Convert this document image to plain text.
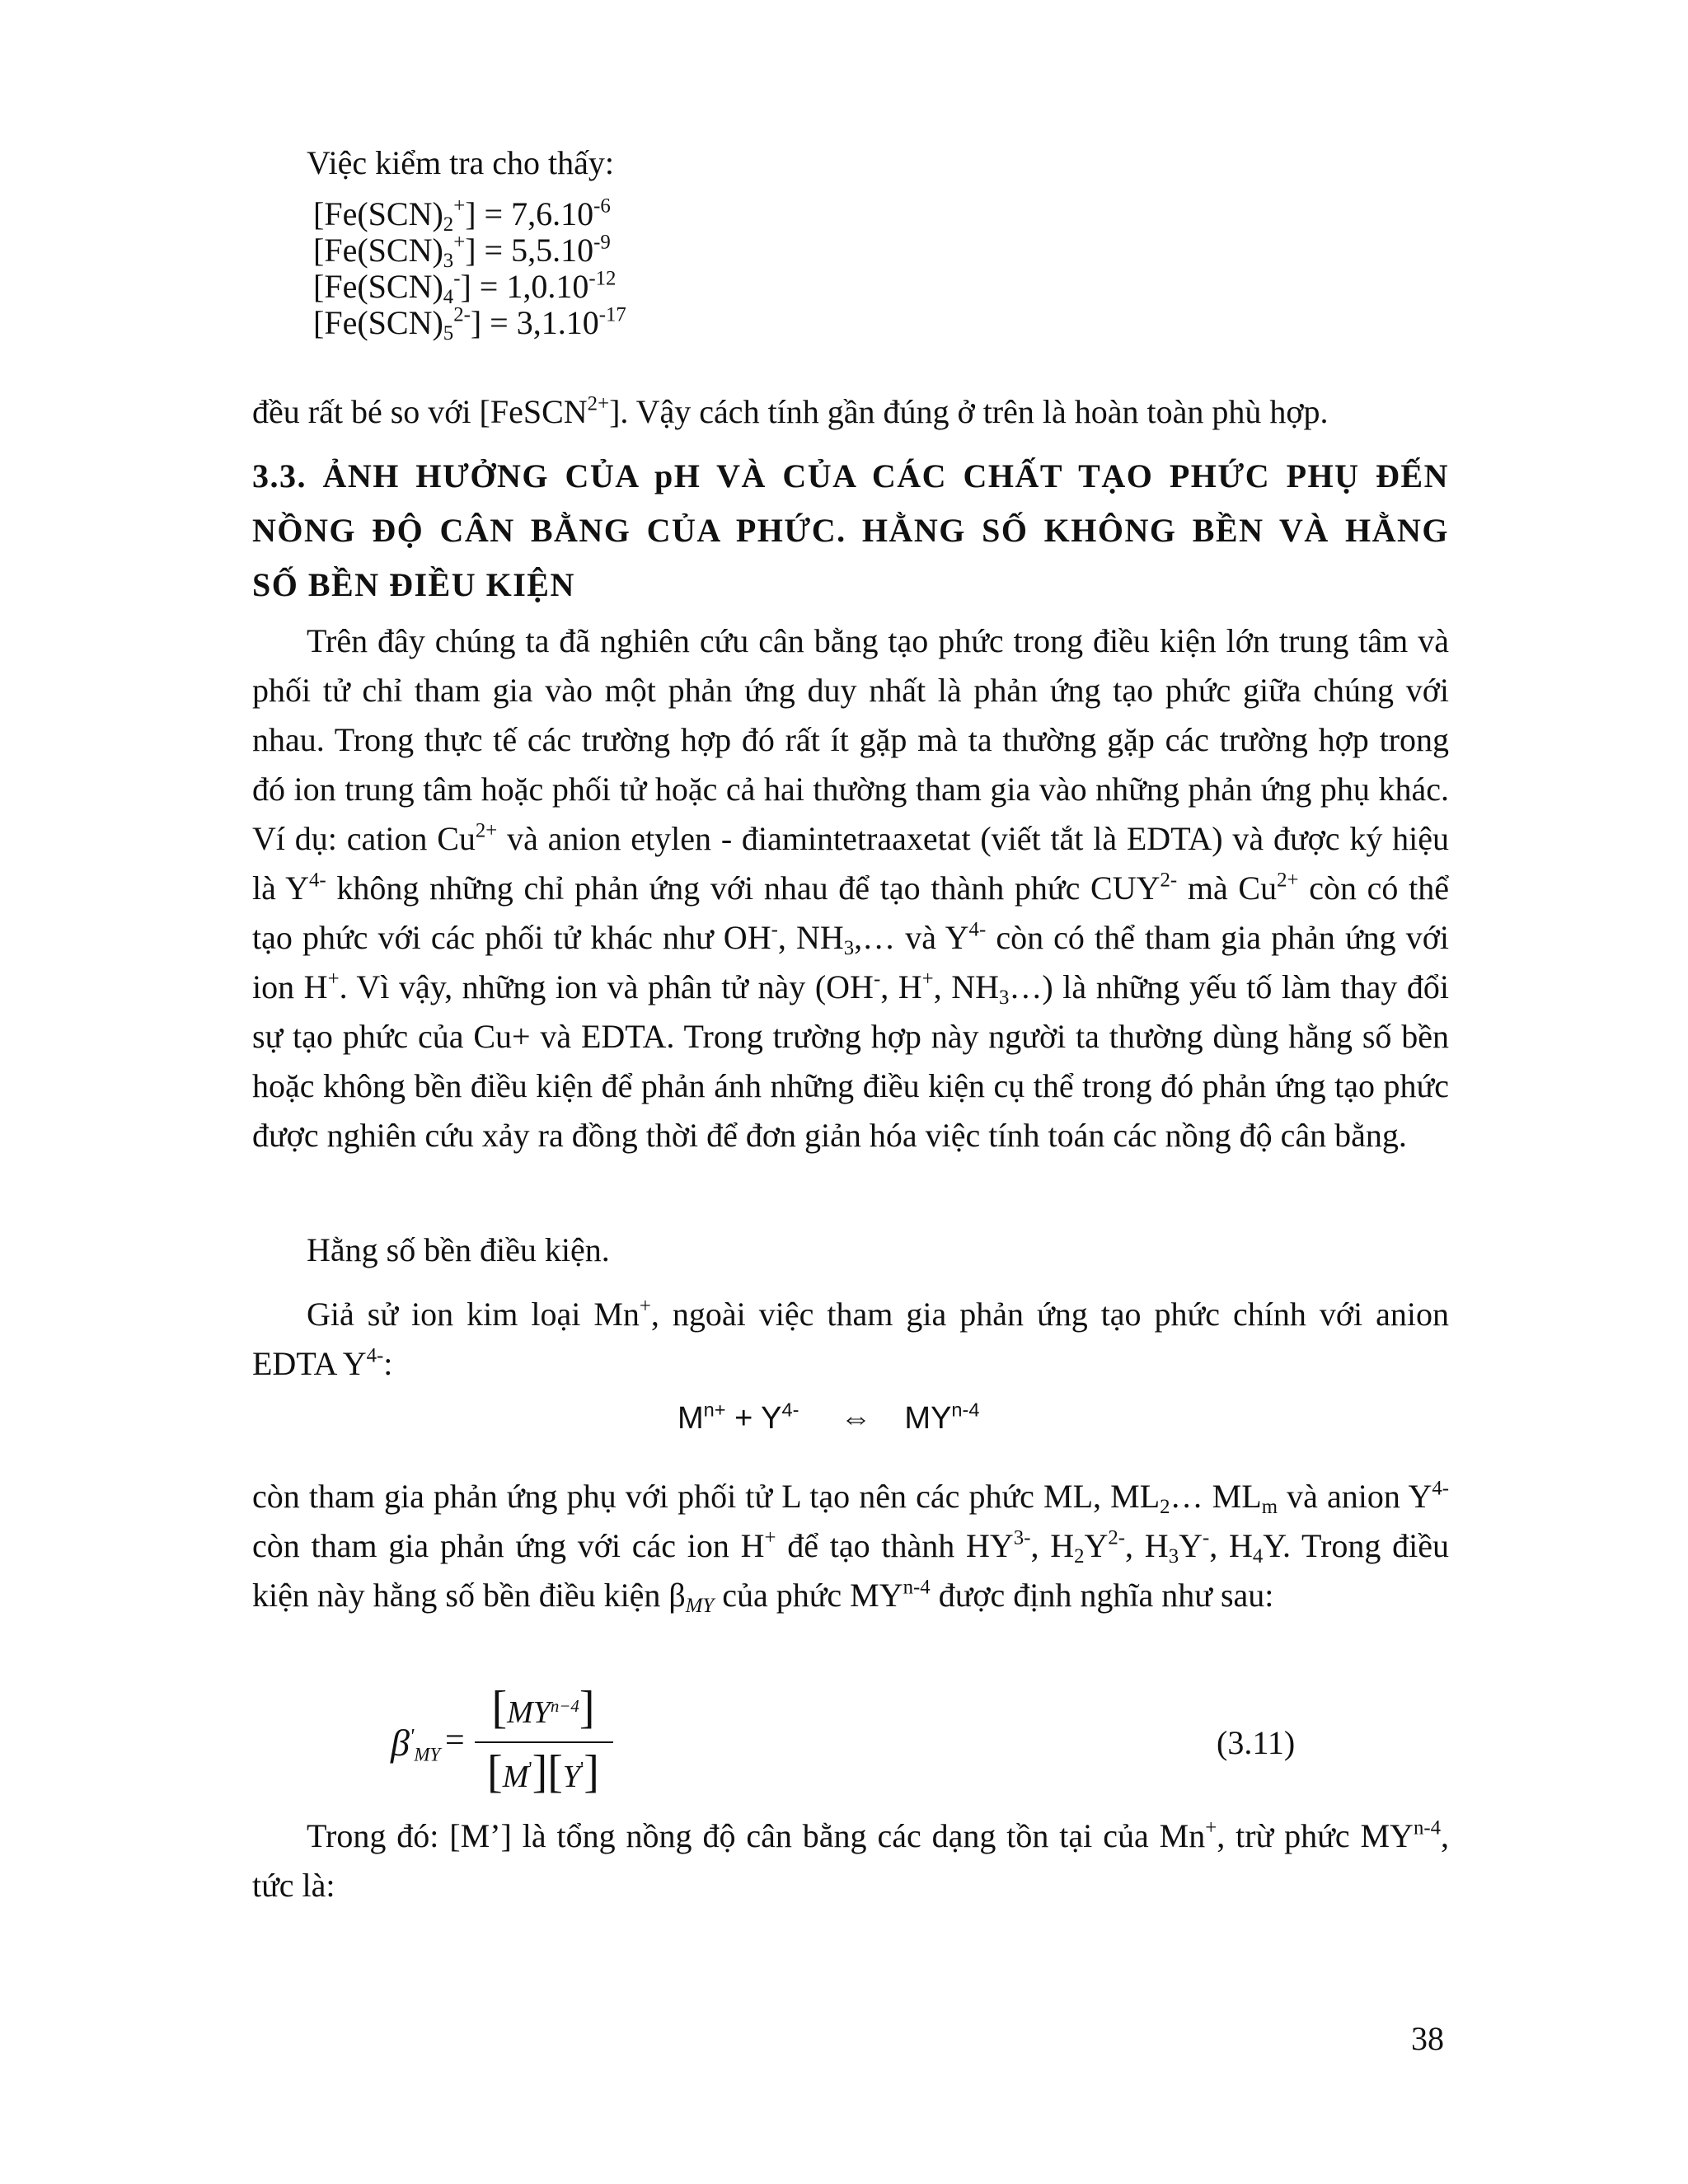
Việc kiểm tra cho thấy:
$[Fe(SCN)_2^+] = 7,6.10^{-6}$
$[Fe(SCN)_3^+] = 5,5.10^{-9}$
$[Fe(SCN)_4^-] = 1,0.10^{-12}$
$[Fe(SCN)_5^{2-}] = 3,1.10^{-17}$
đều rất bé so với [FeSCN$^{2+}$]. Vậy cách tính gần đúng ở trên là hoàn toàn phù hợp.
3.3. ẢNH HƯỞNG CỦA pH VÀ CỦA CÁC CHẤT TẠO PHỨC PHỤ ĐẾN
NỒNG ĐỘ CÂN BẰNG CỦA PHỨC. HẰNG SỐ KHÔNG BỀN VÀ HẰNG
SỐ BỀN ĐIỀU KIỆN
Trên đây chúng ta đã nghiên cứu cân bằng tạo phức trong điều kiện lớn trung tâm và phối tử chỉ tham gia vào một phản ứng duy nhất là phản ứng tạo phức giữa chúng với nhau. Trong thực tế các trường hợp đó rất ít gặp mà ta thường gặp các trường hợp trong đó ion trung tâm hoặc phối tử hoặc cả hai thường tham gia vào những phản ứng phụ khác. Ví dụ: cation $Cu^{2+}$ và anion etylen - điamintetraaxetat (viết tắt là EDTA) và được ký hiệu là $Y^{4-}$ không những chỉ phản ứng với nhau để tạo thành phức $CUY^{2-}$ mà $Cu^{2+}$ còn có thể tạo phức với các phối tử khác như OH-, $NH_3,\dots$ và $Y^{4-}$ còn có thể tham gia phản ứng với ion H+. Vì vậy, những ion và phân tử này (OH-, H+, $NH_3\dots$) là những yếu tố làm thay đổi sự tạo phức của Cu+ và EDTA. Trong trường hợp này người ta thường dùng hằng số bền hoặc không bền điều kiện để phản ánh những điều kiện cụ thể trong đó phản ứng tạo phức được nghiên cứu xảy ra đồng thời để đơn giản hóa việc tính toán các nồng độ cân bằng.
Hằng số bền điều kiện.
Giả sử ion kim loại Mn+, ngoài việc tham gia phản ứng tạo phức chính với anion EDTA $Y^{4-}$:
$M^{n+} + Y^{4-}$ ⇔ MY$^{n-4}$
còn tham gia phản ứng phụ với phối tử L tạo nên các phức ML, $ML_2\dots$ $ML_m$ và anion $Y^{4-}$ còn tham gia phản ứng với các ion H+ để tạo thành $HY^{3-}$, $H_2Y^{2-}$, $H_3Y^-$, $H_4Y$. Trong điều kiện này hằng số bền điều kiện $\beta_{MY}$ của phức MY$^{n-4}$ được định nghĩa như sau:
$\beta'_{MY}$ =
$[MY^{n-4}]$
[M'][Y']
(3.11)
Trong đó: [M’] là tổng nồng độ cân bằng các dạng tồn tại của Mn+, trừ phức MY$^{n-4}$, tức là:
38
